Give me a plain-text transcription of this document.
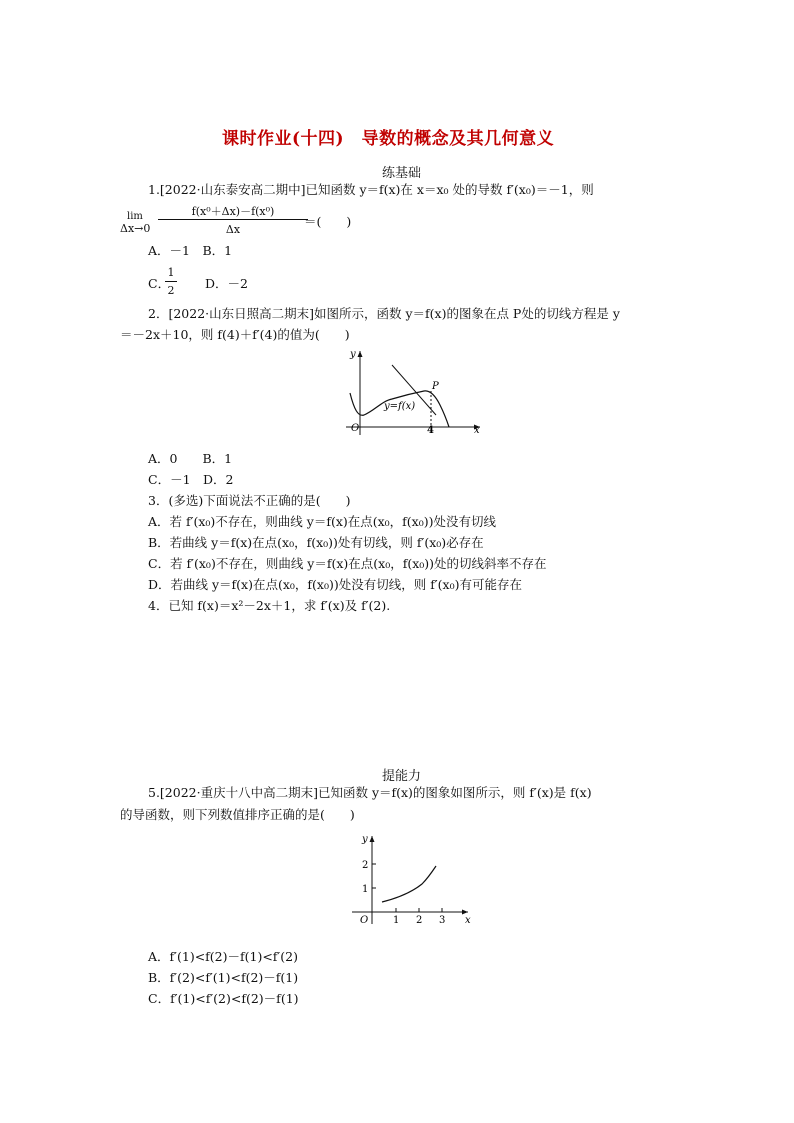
课时作业(十四)　导数的概念及其几何意义
练基础
1.[2022·山东泰安高二期中]已知函数 y＝f(x)在 x＝x₀ 处的导数 f′(x₀)＝－1，则
lim
Δx→0
f(x⁰＋Δx)－f(x⁰)
Δx
＝(　　)
A．－1　B．1
C．
1
2 D．－2
2．[2022·山东日照高二期末]如图所示，函数 y＝f(x)的图象在点 P处的切线方程是 y
＝－2x＋10，则 f(4)＋f′(4)的值为(　　)
y
x
O
P
y=f(x)
4
A．0　　B．1
C．－1　D．2
3．(多选)下面说法不正确的是(　　)
A．若 f′(x₀)不存在，则曲线 y＝f(x)在点(x₀，f(x₀))处没有切线
B．若曲线 y＝f(x)在点(x₀，f(x₀))处有切线，则 f′(x₀)必存在
C．若 f′(x₀)不存在，则曲线 y＝f(x)在点(x₀，f(x₀))处的切线斜率不存在
D．若曲线 y＝f(x)在点(x₀，f(x₀))处没有切线，则 f′(x₀)有可能存在
4．已知 f(x)＝x²－2x＋1，求 f′(x)及 f′(2).
提能力
5.[2022·重庆十八中高二期末]已知函数 y＝f(x)的图象如图所示，则 f′(x)是 f(x)
的导函数，则下列数值排序正确的是(　　)
y
x
O
1
2
1 2 3
A．f′(1)<f(2)－f(1)<f′(2)
B．f′(2)<f′(1)<f(2)－f(1)
C．f′(1)<f′(2)<f(2)－f(1)
